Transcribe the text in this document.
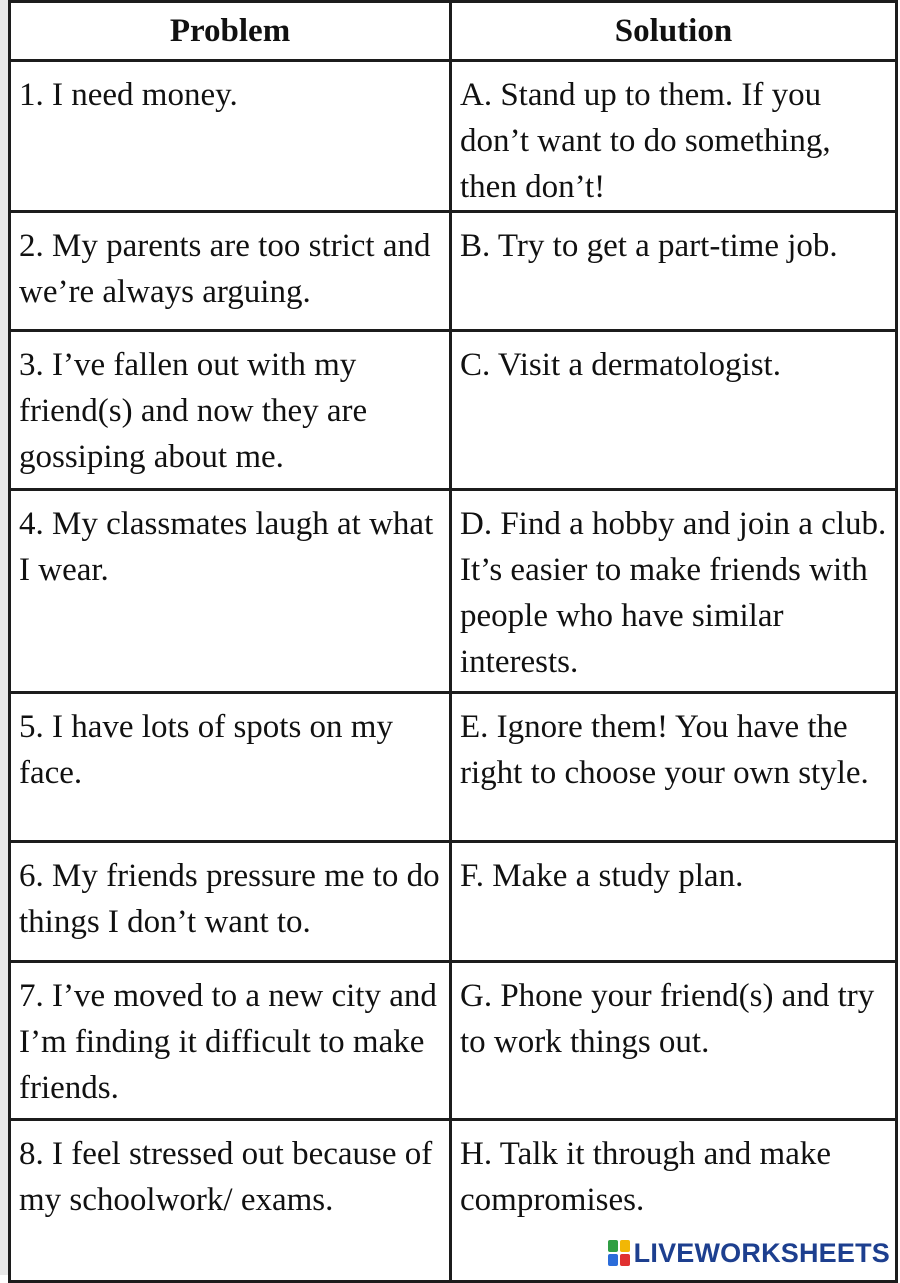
Problem	Solution
1. I need money.	A. Stand up to them. If you don’t want to do something, then don’t!
2. My parents are too strict and we’re always arguing.	B. Try to get a part-time job.
3. I’ve fallen out with my friend(s) and now they are gossiping about me.	C. Visit a dermatologist.
4. My classmates laugh at what I wear.	D. Find a hobby and join a club. It’s easier to make friends with people who have similar interests.
5. I have lots of spots on my face.	E. Ignore them! You have the right to choose your own style.
6. My friends pressure me to do things I don’t want to.	F. Make a study plan.
7. I’ve moved to a new city and I’m finding it difficult to make friends.	G. Phone your friend(s) and try to work things out.
8. I feel stressed out because of my schoolwork/ exams.	H. Talk it through and make compromises.
LIVEWORKSHEETS
